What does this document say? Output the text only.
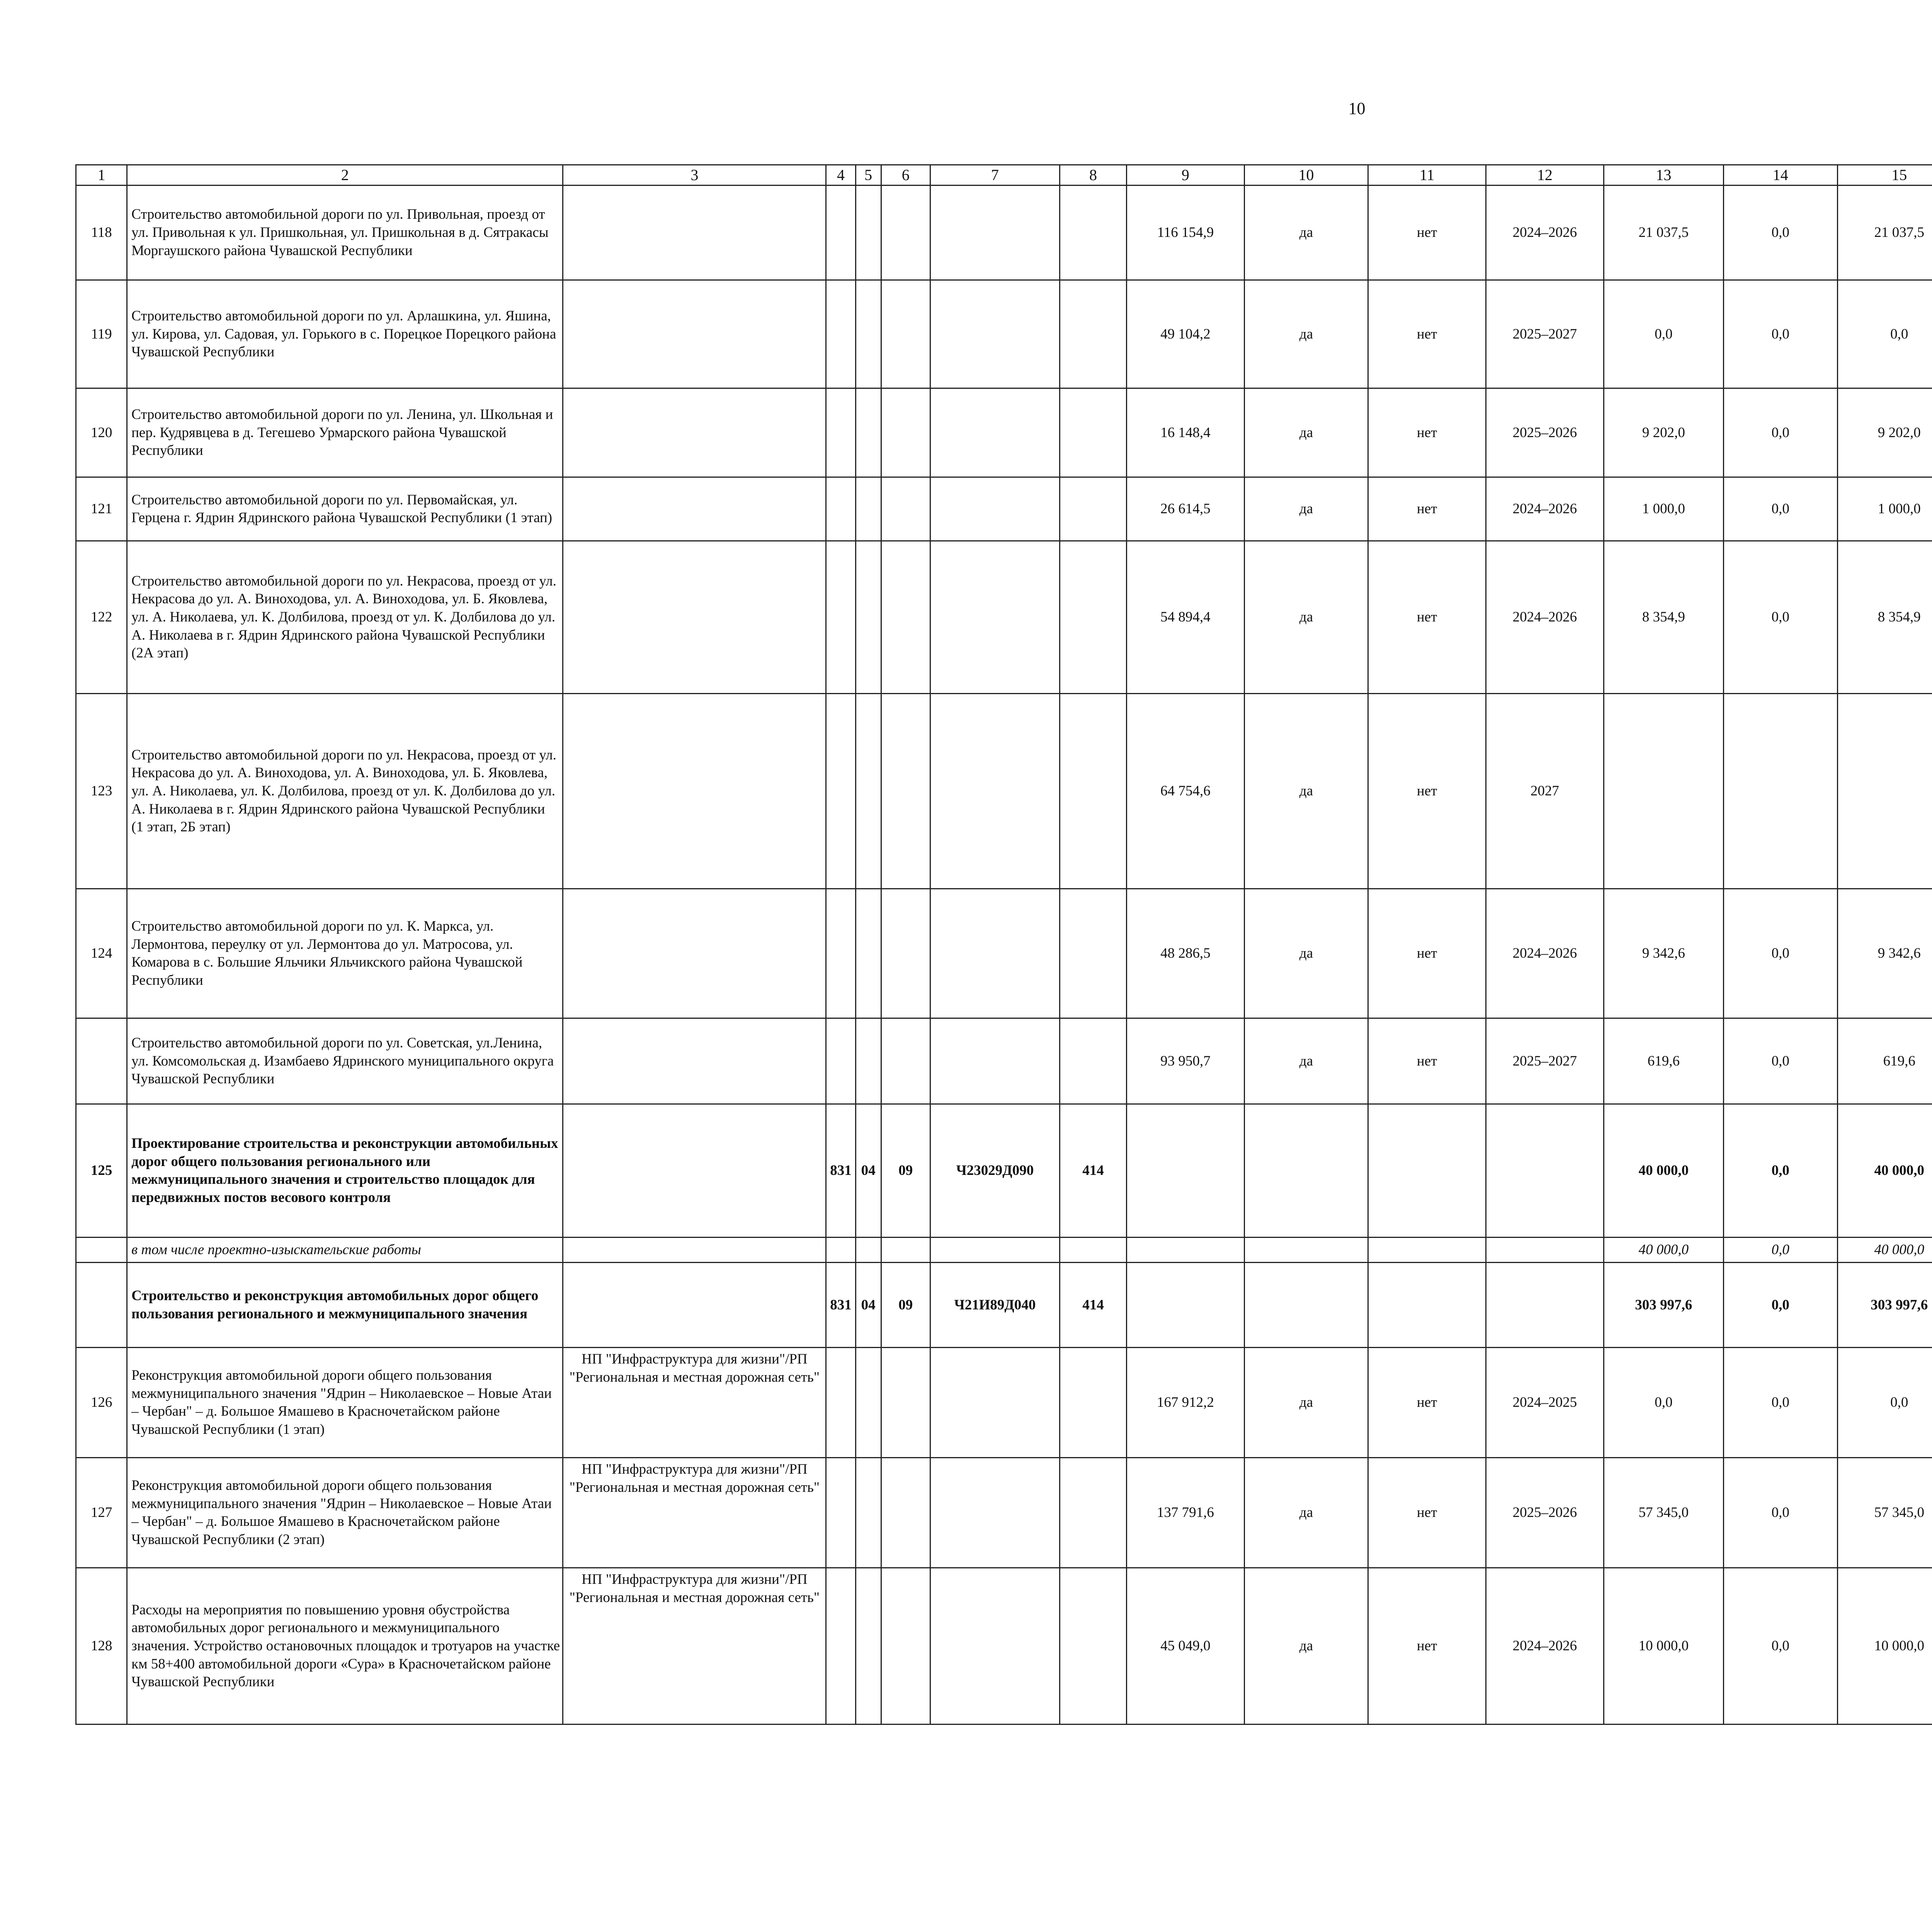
10
1	2	3	4	5	6	7	8	9	10	11	12	13	14	15						
118	Строительство автомобильной дороги по ул. Привольная, проезд от ул. Привольная к ул. Пришкольная, ул. Пришкольная в д. Сятракасы Моргаушского района Чувашской Республики							116 154,9	да	нет	2024–2026	21 037,5	0,0	21 037,5						
119	Строительство автомобильной дороги по ул. Арлашкина, ул. Яшина, ул. Кирова, ул. Садовая, ул. Горького в с. Порецкое Порецкого района Чувашской Республики							49 104,2	да	нет	2025–2027	0,0	0,0	0,0						
120	Строительство автомобильной дороги по ул. Ленина, ул. Школьная и пер. Кудрявцева в д. Тегешево Урмарского района Чувашской Республики							16 148,4	да	нет	2025–2026	9 202,0	0,0	9 202,0						
121	Строительство автомобильной дороги по ул. Первомайская, ул. Герцена г. Ядрин Ядринского района Чувашской Республики (1 этап)							26 614,5	да	нет	2024–2026	1 000,0	0,0	1 000,0						
122	Строительство автомобильной дороги по ул. Некрасова, проезд от ул. Некрасова до ул. А. Виноходова, ул. А. Виноходова, ул. Б. Яковлева, ул. А. Николаева, ул. К. Долбилова, проезд от ул. К. Долбилова до ул. А. Николаева в г. Ядрин Ядринского района Чувашской Республики (2А этап)							54 894,4	да	нет	2024–2026	8 354,9	0,0	8 354,9						
123	Строительство автомобильной дороги по ул. Некрасова, проезд от ул. Некрасова до ул. А. Виноходова, ул. А. Виноходова, ул. Б. Яковлева, ул. А. Николаева, ул. К. Долбилова, проезд от ул. К. Долбилова до ул. А. Николаева в г. Ядрин Ядринского района Чувашской Республики (1 этап, 2Б этап)							64 754,6	да	нет	2027									
124	Строительство автомобильной дороги по ул. К. Маркса, ул. Лермонтова, переулку от ул. Лермонтова до ул. Матросова, ул. Комарова в с. Большие Яльчики Яльчикского района Чувашской Республики							48 286,5	да	нет	2024–2026	9 342,6	0,0	9 342,6						
	Строительство автомобильной дороги по ул. Советская, ул.Ленина, ул. Комсомольская д. Изамбаево Ядринского муниципального округа Чувашской Республики							93 950,7	да	нет	2025–2027	619,6	0,0	619,6						
125	Проектирование строительства и реконструкции автомобильных дорог общего пользования регионального или межмуниципального значения и строительство площадок для передвижных постов весового контроля		831	04	09	Ч23029Д090	414					40 000,0	0,0	40 000,0						
	в том числе проектно-изыскательские работы											40 000,0	0,0	40 000,0						
	Строительство и реконструкция автомобильных дорог общего пользования регионального и межмуниципального значения		831	04	09	Ч21И89Д040	414					303 997,6	0,0	303 997,6						
126	Реконструкция автомобильной дороги общего пользования межмуниципального значения "Ядрин – Николаевское – Новые Атаи – Чербан" – д. Большое Ямашево в Красночетайском районе Чувашской Республики (1 этап)	НП "Инфраструктура для жизни"/РП "Региональная и местная дорожная сеть"						167 912,2	да	нет	2024–2025	0,0	0,0	0,0						
127	Реконструкция автомобильной дороги общего пользования межмуниципального значения "Ядрин – Николаевское – Новые Атаи – Чербан" – д. Большое Ямашево в Красночетайском районе Чувашской Республики (2 этап)	НП "Инфраструктура для жизни"/РП "Региональная и местная дорожная сеть"						137 791,6	да	нет	2025–2026	57 345,0	0,0	57 345,0						
128	Расходы на мероприятия по повышению уровня обустройства автомобильных дорог регионального и межмуниципального значения. Устройство остановочных площадок и тротуаров на участке км 58+400 автомобильной дороги «Сура» в Красночетайском районе Чувашской Республики	НП "Инфраструктура для жизни"/РП "Региональная и местная дорожная сеть"						45 049,0	да	нет	2024–2026	10 000,0	0,0	10 000,0						
